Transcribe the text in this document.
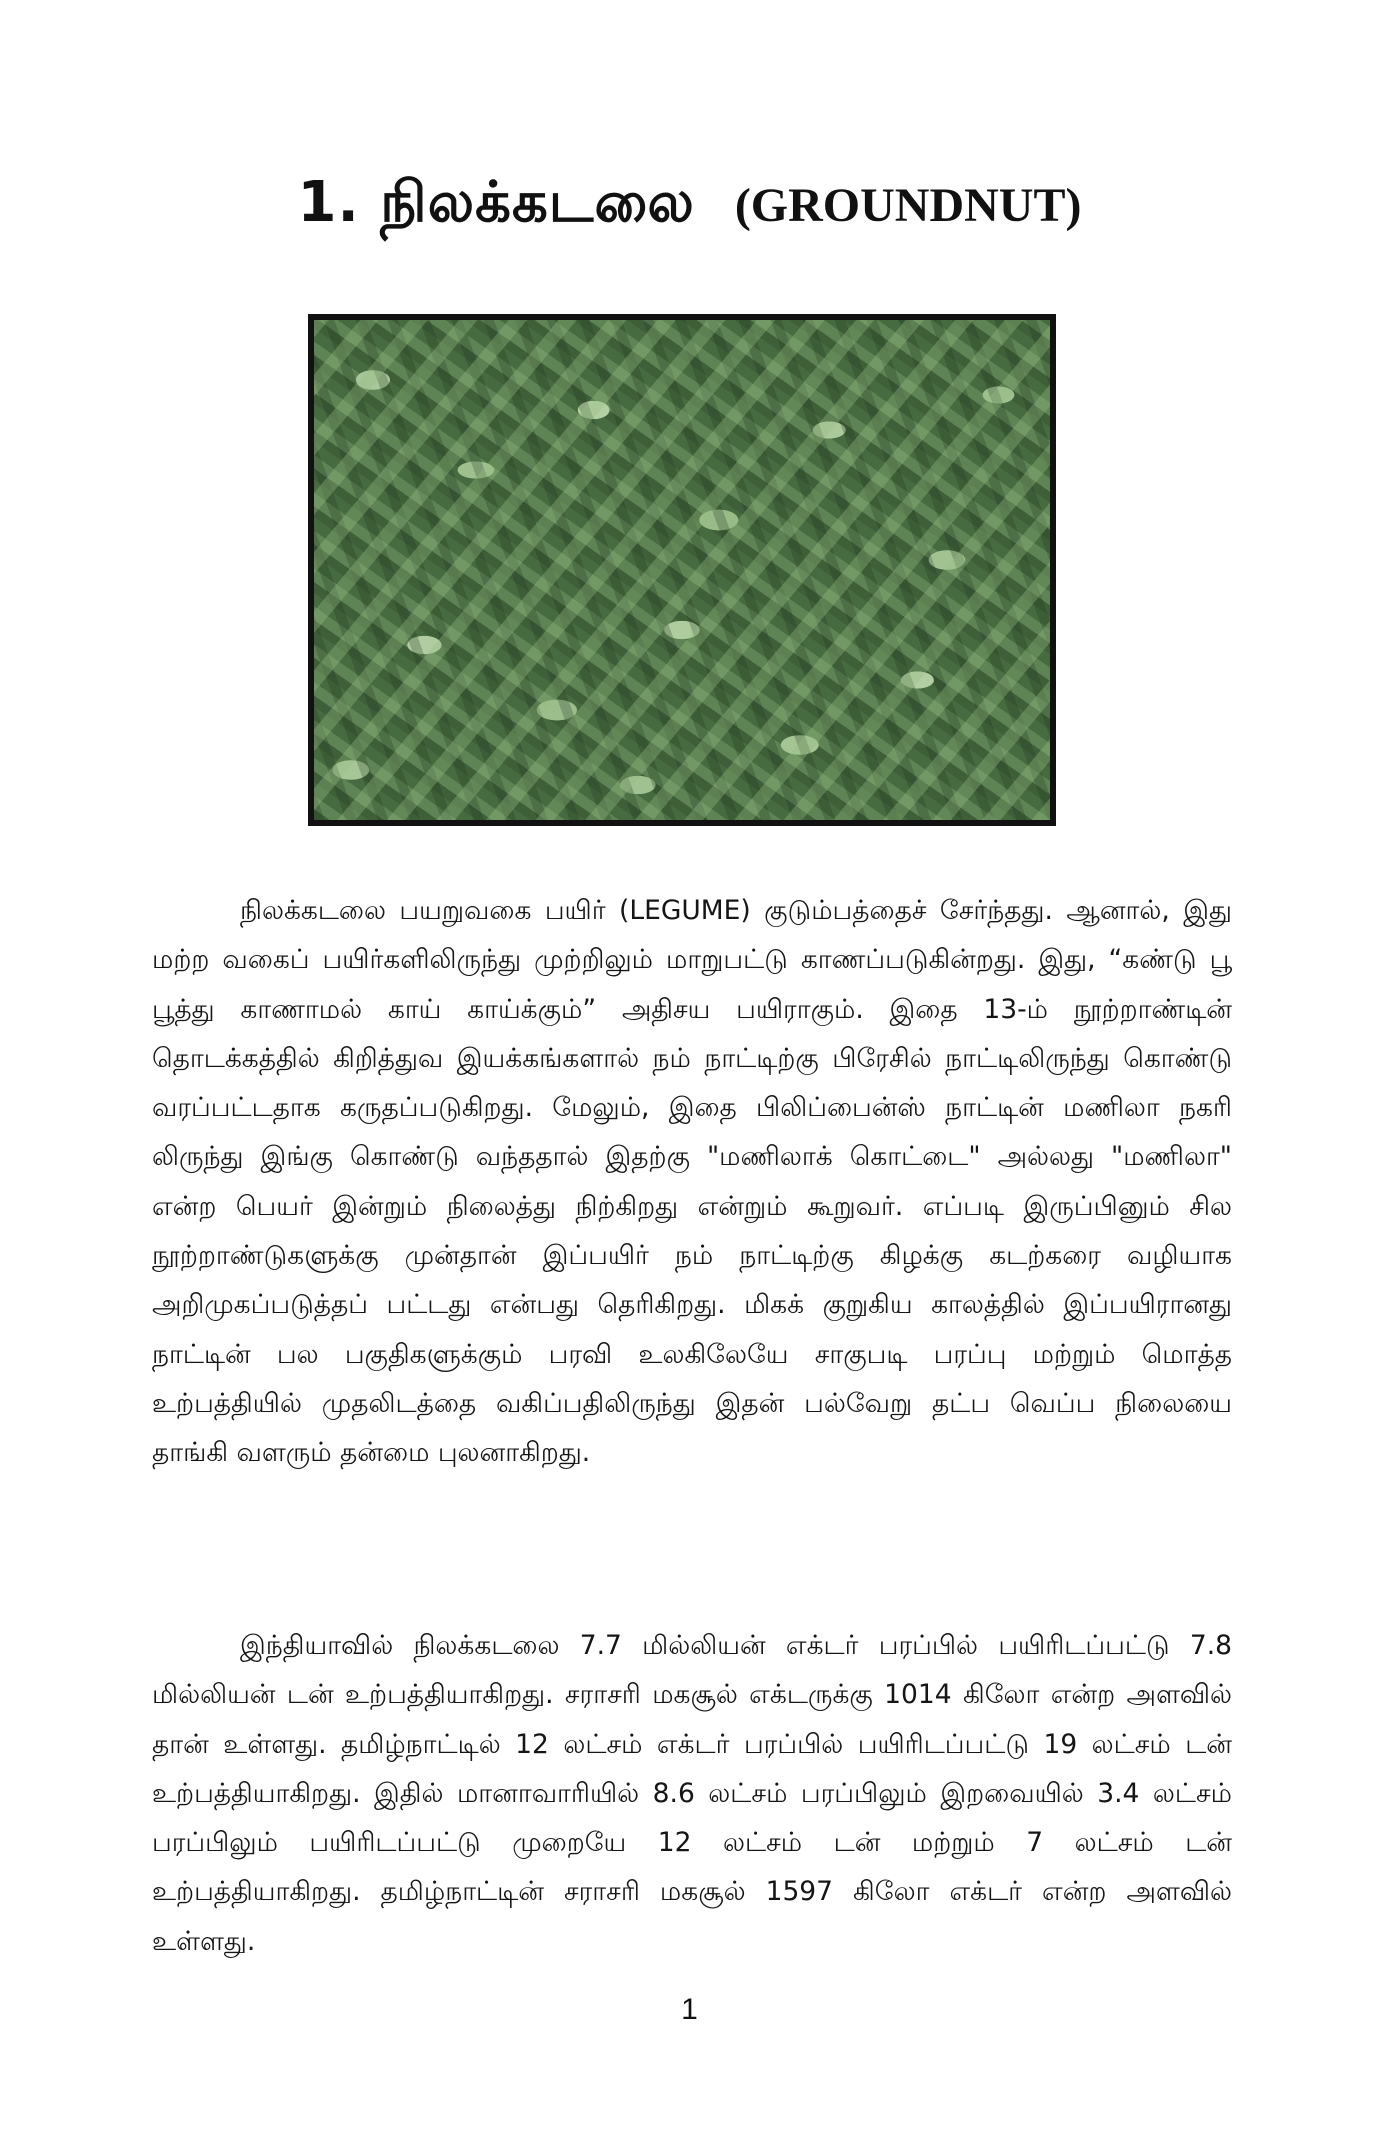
1. நிலக்கடலை (GROUNDNUT)

நிலக்கடலை பயறுவகை பயிர் (LEGUME) குடும்பத்தைச் சேர்ந்தது. ஆனால், இது மற்ற வகைப் பயிர்களிலிருந்து முற்றிலும் மாறுபட்டு காணப்படுகின்றது. இது, “கண்டு பூ பூத்து காணாமல் காய் காய்க்கும்” அதிசய பயிராகும். இதை 13-ம் நூற்றாண்டின் தொடக்கத்தில் கிறித்துவ இயக்கங்களால் நம் நாட்டிற்கு பிரேசில் நாட்டிலிருந்து கொண்டு வரப்பட்டதாக கருதப்படுகிறது. மேலும், இதை பிலிப்பைன்ஸ் நாட்டின் மணிலா நகரி லிருந்து இங்கு கொண்டு வந்ததால் இதற்கு "மணிலாக் கொட்டை" அல்லது "மணிலா" என்ற பெயர் இன்றும் நிலைத்து நிற்கிறது என்றும் கூறுவர். எப்படி இருப்பினும் சில நூற்றாண்டுகளுக்கு முன்தான் இப்பயிர் நம் நாட்டிற்கு கிழக்கு கடற்கரை வழியாக அறிமுகப்படுத்தப் பட்டது என்பது தெரிகிறது. மிகக் குறுகிய காலத்தில் இப்பயிரானது நாட்டின் பல பகுதிகளுக்கும் பரவி உலகிலேயே சாகுபடி பரப்பு மற்றும் மொத்த உற்பத்தியில் முதலிடத்தை வகிப்பதிலிருந்து இதன் பல்வேறு தட்ப வெப்ப நிலையை தாங்கி வளரும் தன்மை புலனாகிறது.

இந்தியாவில் நிலக்கடலை 7.7 மில்லியன் எக்டர் பரப்பில் பயிரிடப்பட்டு 7.8 மில்லியன் டன் உற்பத்தியாகிறது. சராசரி மகசூல் எக்டருக்கு 1014 கிலோ என்ற அளவில் தான் உள்ளது. தமிழ்நாட்டில் 12 லட்சம் எக்டர் பரப்பில் பயிரிடப்பட்டு 19 லட்சம் டன் உற்பத்தியாகிறது. இதில் மானாவாரியில் 8.6 லட்சம் பரப்பிலும் இறவையில் 3.4 லட்சம் பரப்பிலும் பயிரிடப்பட்டு முறையே 12 லட்சம் டன் மற்றும் 7 லட்சம் டன் உற்பத்தியாகிறது. தமிழ்நாட்டின் சராசரி மகசூல் 1597 கிலோ எக்டர் என்ற அளவில் உள்ளது.

1
